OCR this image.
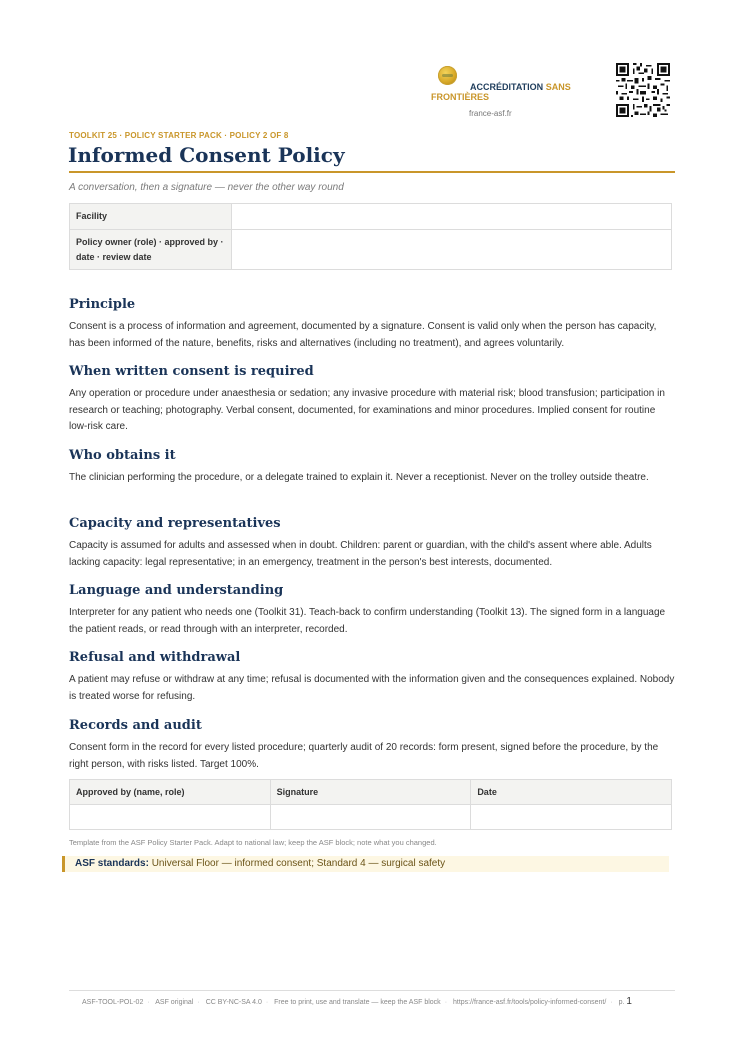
ACCRÉDITATION SANS FRONTIÈRES
france-asf.fr
TOOLKIT 25 · POLICY STARTER PACK · POLICY 2 OF 8
Informed Consent Policy
A conversation, then a signature — never the other way round
Facility	
Policy owner (role) · approved by · date · review date	
Principle

Consent is a process of information and agreement, documented by a signature. Consent is valid only when the person has capacity, has been informed of the nature, benefits, risks and alternatives (including no treatment), and agrees voluntarily.

When written consent is required

Any operation or procedure under anaesthesia or sedation; any invasive procedure with material risk; blood transfusion; participation in research or teaching; photography. Verbal consent, documented, for examinations and minor procedures. Implied consent for routine low-risk care.

Who obtains it

The clinician performing the procedure, or a delegate trained to explain it. Never a receptionist. Never on the trolley outside theatre.

Capacity and representatives

Capacity is assumed for adults and assessed when in doubt. Children: parent or guardian, with the child's assent where able. Adults lacking capacity: legal representative; in an emergency, treatment in the person's best interests, documented.

Language and understanding

Interpreter for any patient who needs one (Toolkit 31). Teach-back to confirm understanding (Toolkit 13). The signed form in a language the patient reads, or read through with an interpreter, recorded.

Refusal and withdrawal

A patient may refuse or withdraw at any time; refusal is documented with the information given and the consequences explained. Nobody is treated worse for refusing.

Records and audit

Consent form in the record for every listed procedure; quarterly audit of 20 records: form present, signed before the procedure, by the right person, with risks listed. Target 100%.

Approved by (name, role)	Signature	Date

Template from the ASF Policy Starter Pack. Adapt to national law; keep the ASF block; note what you changed.
ASF standards: Universal Floor — informed consent; Standard 4 — surgical safety
ASF-TOOL-POL-02 · ASF original · CC BY-NC-SA 4.0 · Free to print, use and translate — keep the ASF block · https://france-asf.fr/tools/policy-informed-consent/ · p. 1
